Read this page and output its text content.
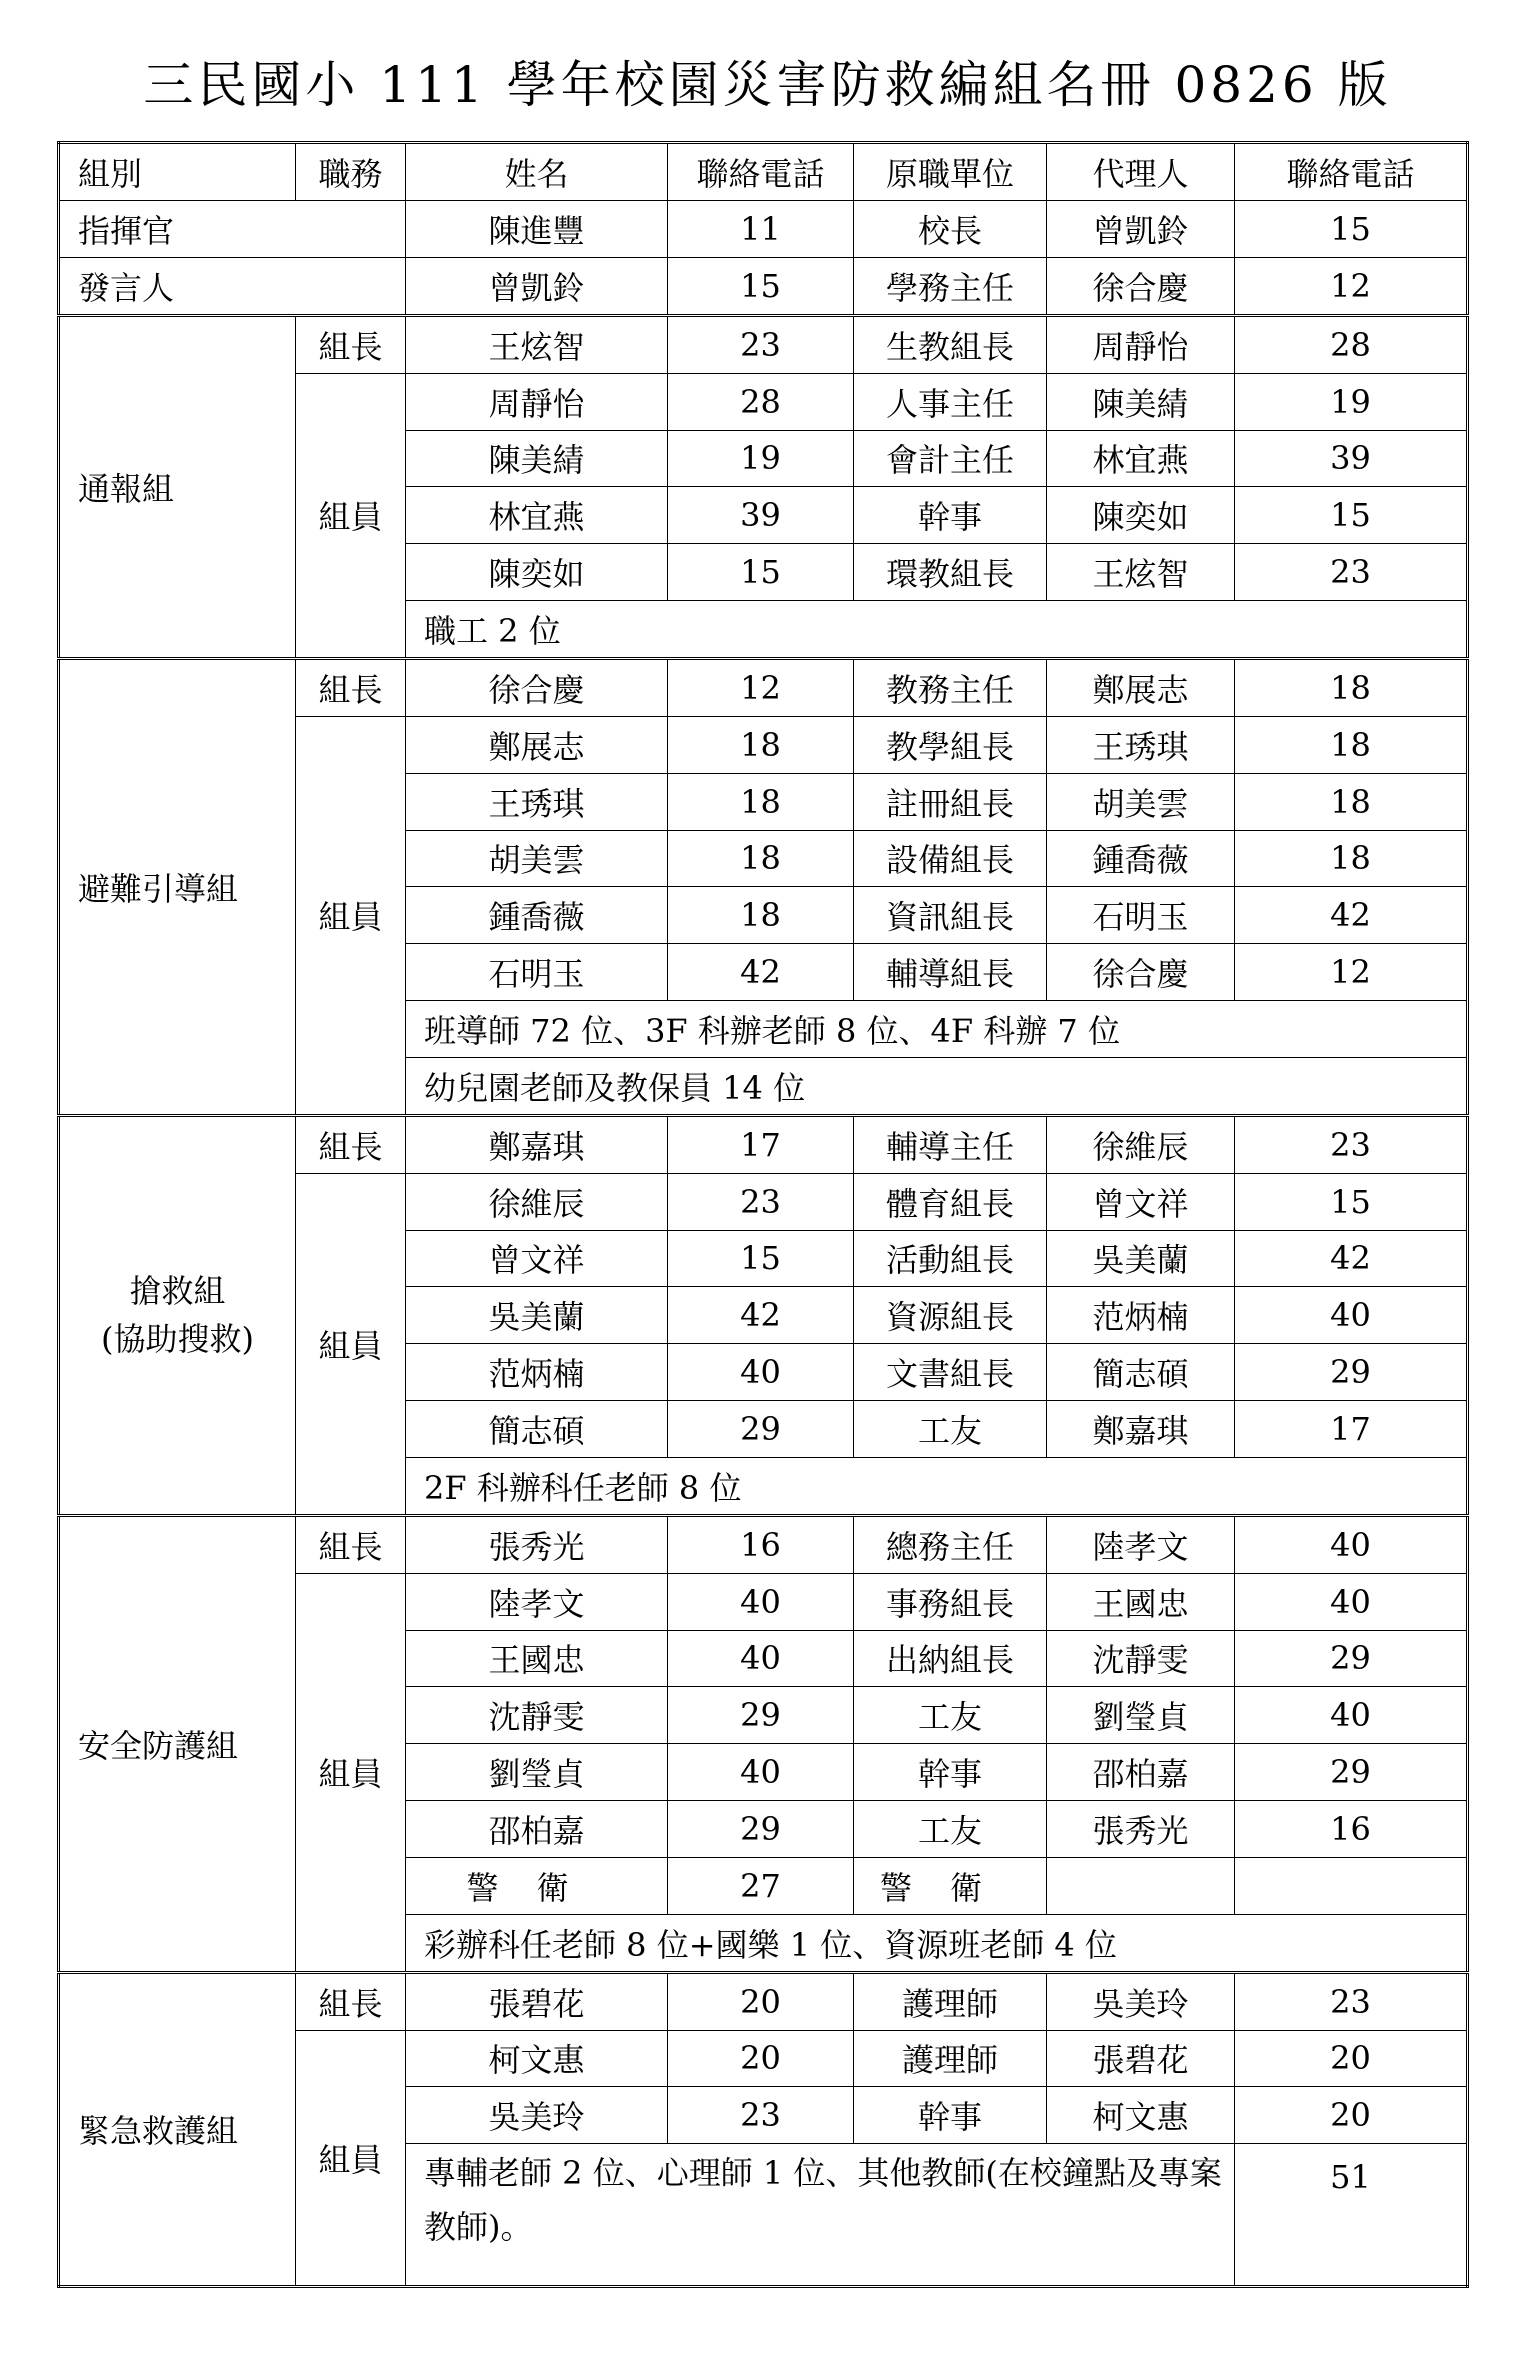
三民國小 111 學年校園災害防救編組名冊 0826 版
組別	職務	姓名	聯絡電話	原職單位	代理人	聯絡電話
指揮官		陳進豐	11	校長	曾凱鈴	15
發言人		曾凱鈴	15	學務主任	徐合慶	12
通報組	組長	王炫智	23	生教組長	周靜怡	28
	組員	周靜怡	28	人事主任	陳美綪	19
		陳美綪	19	會計主任	林宜燕	39
		林宜燕	39	幹事	陳奕如	15
		陳奕如	15	環教組長	王炫智	23
		職工 2 位				
避難引導組	組長	徐合慶	12	教務主任	鄭展志	18
	組員	鄭展志	18	教學組長	王琇琪	18
		王琇琪	18	註冊組長	胡美雲	18
		胡美雲	18	設備組長	鍾喬薇	18
		鍾喬薇	18	資訊組長	石明玉	42
		石明玉	42	輔導組長	徐合慶	12
		班導師 72 位、3F 科辦老師 8 位、4F 科辦 7 位				
		幼兒園老師及教保員 14 位				

搶救組
(協助搜救)	組長	鄭嘉琪	17	輔導主任	徐維辰	23
	組員	徐維辰	23	體育組長	曾文祥	15
		曾文祥	15	活動組長	吳美蘭	42
		吳美蘭	42	資源組長	范炳楠	40
		范炳楠	40	文書組長	簡志碩	29
		簡志碩	29	工友	鄭嘉琪	17
		2F 科辦科任老師 8 位				
安全防護組	組長	張秀光	16	總務主任	陸孝文	40
	組員	陸孝文	40	事務組長	王國忠	40
		王國忠	40	出納組長	沈靜雯	29
		沈靜雯	29	工友	劉瑩貞	40
		劉瑩貞	40	幹事	邵柏嘉	29
		邵柏嘉	29	工友	張秀光	16
		警衛	27	警衛		
		彩辦科任老師 8 位+國樂 1 位、資源班老師 4 位				
緊急救護組	組長	張碧花	20	護理師	吳美玲	23
	組員	柯文惠	20	護理師	張碧花	20
		吳美玲	23	幹事	柯文惠	20
		專輔老師 2 位、心理師 1 位、其他教師(在校鐘點及專案教師)。				51
